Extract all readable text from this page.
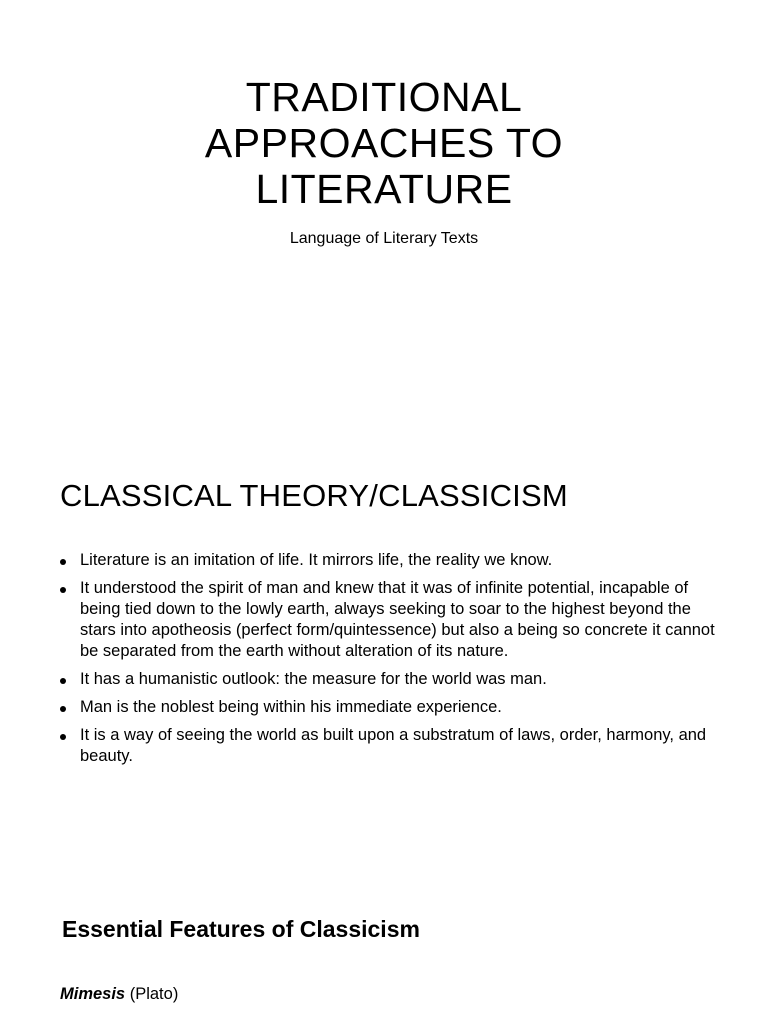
TRADITIONAL
APPROACHES TO
LITERATURE

Language of Literary Texts

CLASSICAL THEORY/CLASSICISM
Literature is an imitation of life. It mirrors life, the reality we know.
It understood the spirit of man and knew that it was of infinite potential, incapable of being tied down to the lowly earth, always seeking to soar to the highest beyond the stars into apotheosis (perfect form/quintessence) but also a being so concrete it cannot be separated from the earth without alteration of its nature.
It has a humanistic outlook: the measure for the world was man.
Man is the noblest being within his immediate experience.
It is a way of seeing the world as built upon a substratum of laws, order, harmony, and beauty.
Essential Features of Classicism

Mimesis (Plato)
